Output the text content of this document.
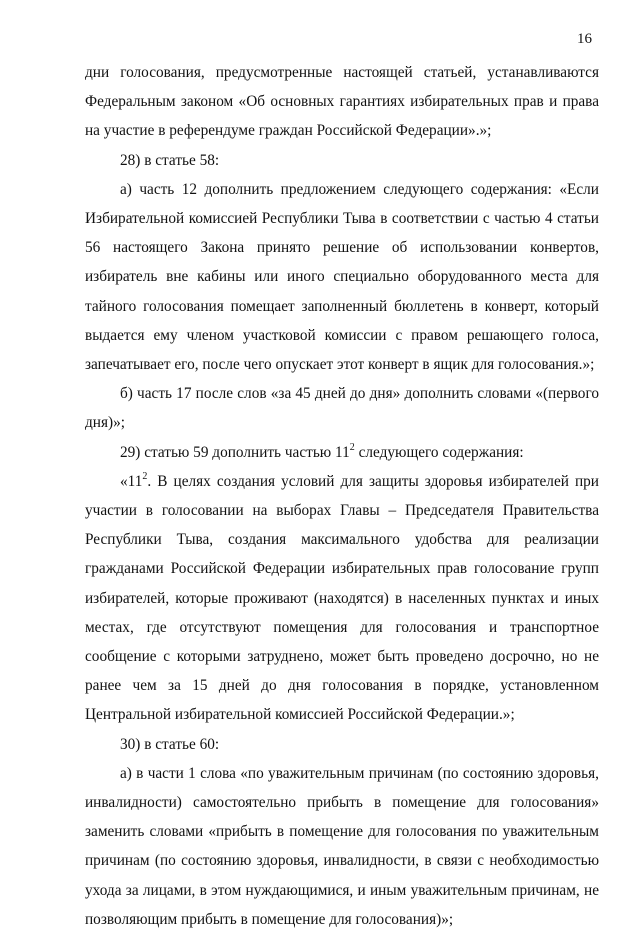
16

дни голосования, предусмотренные настоящей статьей, устанавливаются Федеральным законом «Об основных гарантиях избирательных прав и права на участие в референдуме граждан Российской Федерации».»;

28) в статье 58:

а) часть 12 дополнить предложением следующего содержания: «Если Избирательной комиссией Республики Тыва в соответствии с частью 4 статьи 56 настоящего Закона принято решение об использовании конвертов, избиратель вне кабины или иного специально оборудованного места для тайного голосования помещает заполненный бюллетень в конверт, который выдается ему членом участковой комиссии с правом решающего голоса, запечатывает его, после чего опускает этот конверт в ящик для голосования.»;

б) часть 17 после слов «за 45 дней до дня» дополнить словами «(первого дня)»;

29) статью 59 дополнить частью $11^2$ следующего содержания:

«$11^2$. В целях создания условий для защиты здоровья избирателей при участии в голосовании на выборах Главы – Председателя Правительства Республики Тыва, создания максимального удобства для реализации гражданами Российской Федерации избирательных прав голосование групп избирателей, которые проживают (находятся) в населенных пунктах и иных местах, где отсутствуют помещения для голосования и транспортное сообщение с которыми затруднено, может быть проведено досрочно, но не ранее чем за 15 дней до дня голосования в порядке, установленном Центральной избирательной комиссией Российской Федерации.»;

30) в статье 60:

а) в части 1 слова «по уважительным причинам (по состоянию здоровья, инвалидности) самостоятельно прибыть в помещение для голосования» заменить словами «прибыть в помещение для голосования по уважительным причинам (по состоянию здоровья, инвалидности, в связи с необходимостью ухода за лицами, в этом нуждающимися, и иным уважительным причинам, не позволяющим прибыть в помещение для голосования)»;
